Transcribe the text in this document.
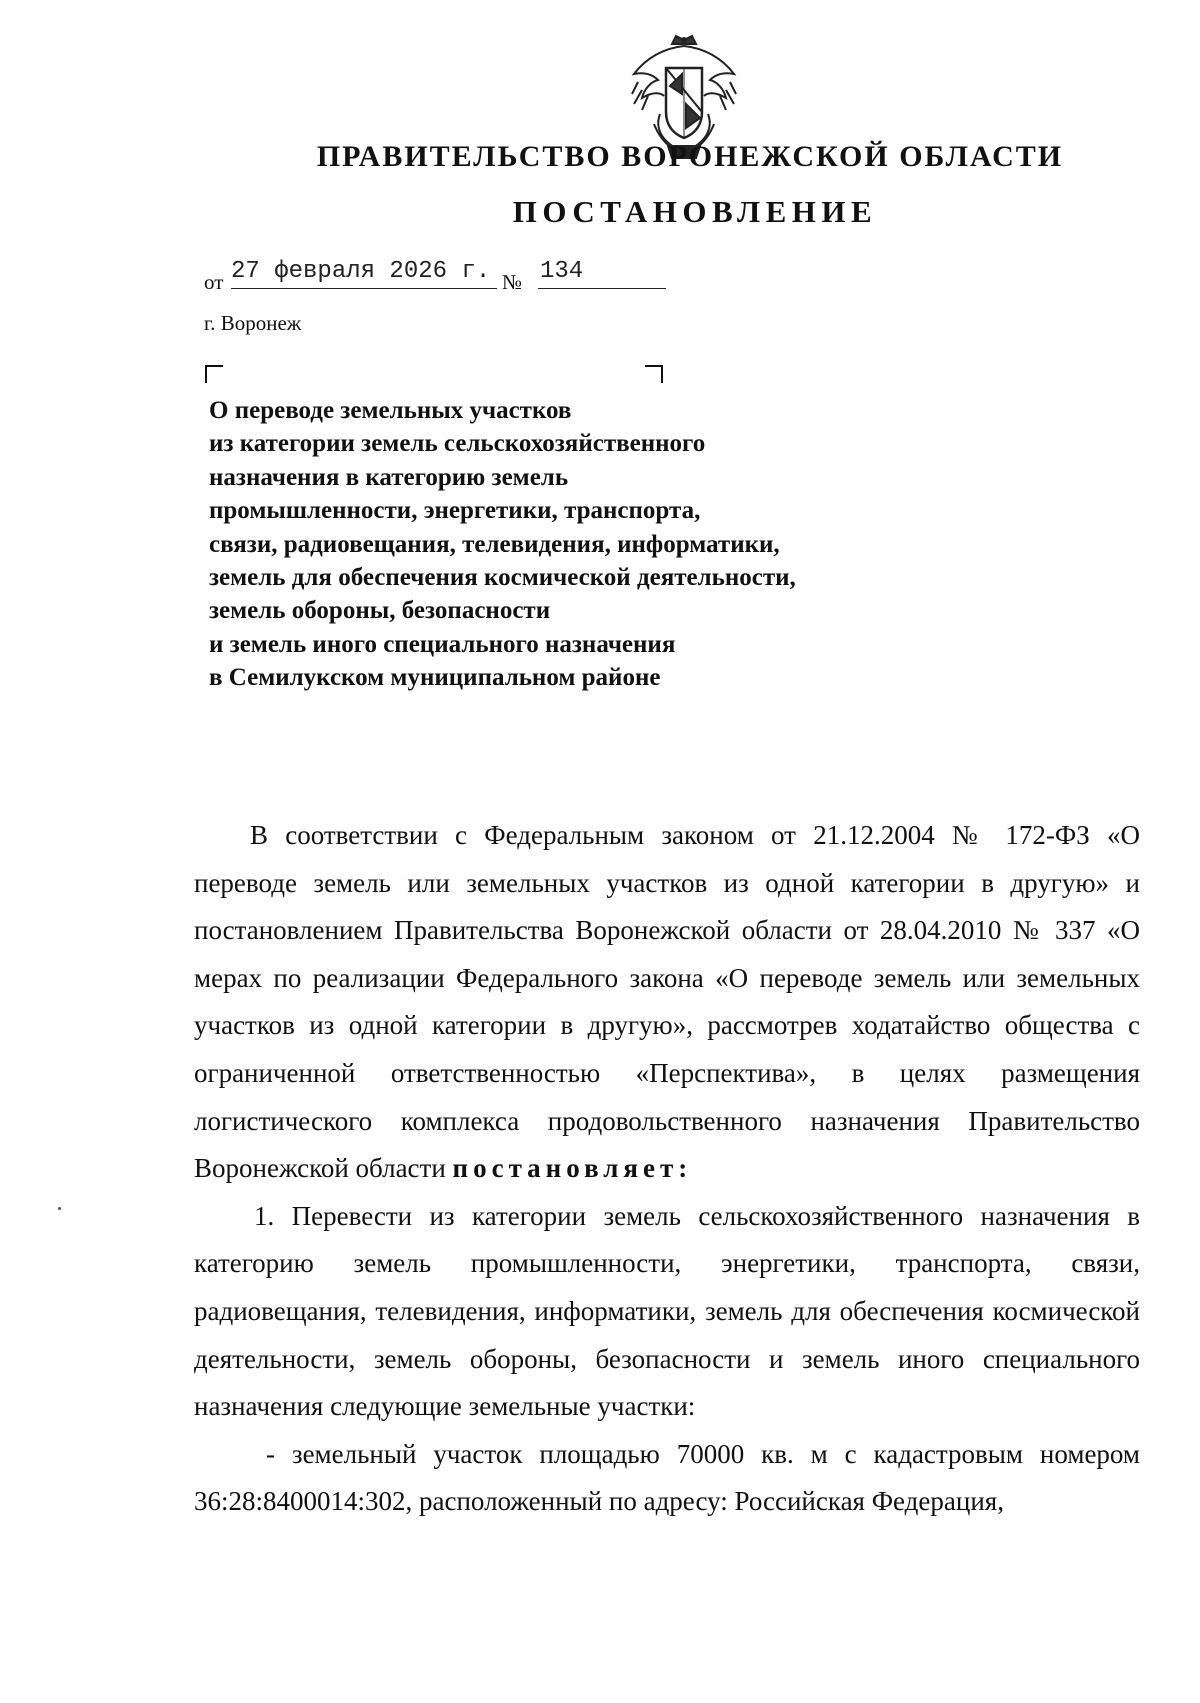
ПРАВИТЕЛЬСТВО ВОРОНЕЖСКОЙ ОБЛАСТИ
ПОСТАНОВЛЕНИЕ
от 27 февраля 2026 г. № 134
г. Воронеж
О переводе земельных участков
из категории земель сельскохозяйственного
назначения в категорию земель
промышленности, энергетики, транспорта,
связи, радиовещания, телевидения, информатики,
земель для обеспечения космической деятельности,
земель обороны, безопасности
и земель иного специального назначения
в Семилукском муниципальном районе

В соответствии с Федеральным законом от 21.12.2004 № 172-ФЗ «О переводе земель или земельных участков из одной категории в другую» и постановлением Правительства Воронежской области от 28.04.2010 № 337 «О мерах по реализации Федерального закона «О переводе земель или земельных участков из одной категории в другую», рассмотрев ходатайство общества с ограниченной ответственностью «Перспектива», в целях размещения логистического комплекса продовольственного назначения Правительство Воронежской области постановляет:

1. Перевести из категории земель сельскохозяйственного назначения в категорию земель промышленности, энергетики, транспорта, связи, радиовещания, телевидения, информатики, земель для обеспечения космической деятельности, земель обороны, безопасности и земель иного специального назначения следующие земельные участки:

- земельный участок площадью 70000 кв. м с кадастровым номером 36:28:8400014:302, расположенный по адресу: Российская Федерация,
